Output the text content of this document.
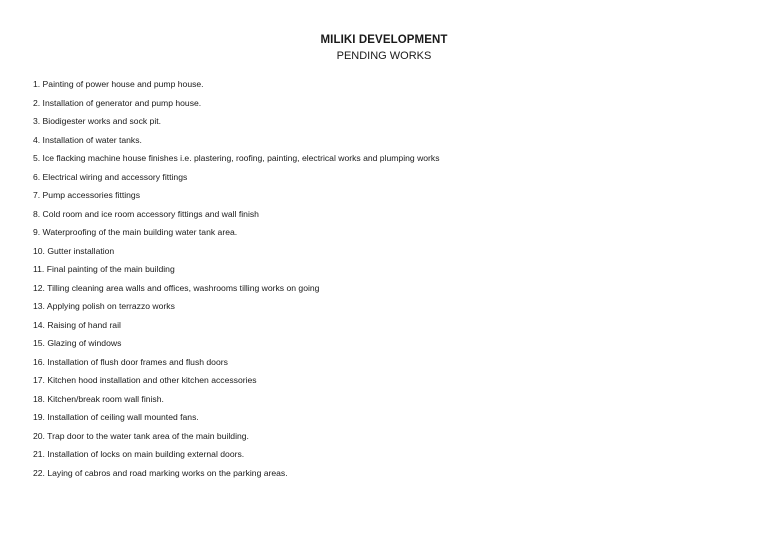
MILIKI DEVELOPMENT
PENDING WORKS
1. Painting of power house and pump house.
2. Installation of generator and pump house.
3. Biodigester works and sock pit.
4. Installation of water tanks.
5. Ice flacking machine house finishes i.e. plastering, roofing, painting, electrical works and plumping works
6. Electrical wiring and accessory fittings
7. Pump accessories fittings
8. Cold room and ice room accessory fittings and wall finish
9. Waterproofing of the main building water tank area.
10. Gutter installation
11. Final painting of the main building
12. Tilling cleaning area walls and offices, washrooms tilling works on going
13. Applying polish on terrazzo works
14. Raising of hand rail
15. Glazing of windows
16. Installation of flush door frames and flush doors
17. Kitchen hood installation and other kitchen accessories
18. Kitchen/break room wall finish.
19. Installation of ceiling wall mounted fans.
20. Trap door to the water tank area of the main building.
21. Installation of locks on main building external doors.
22. Laying of cabros and road marking works on the parking areas.
